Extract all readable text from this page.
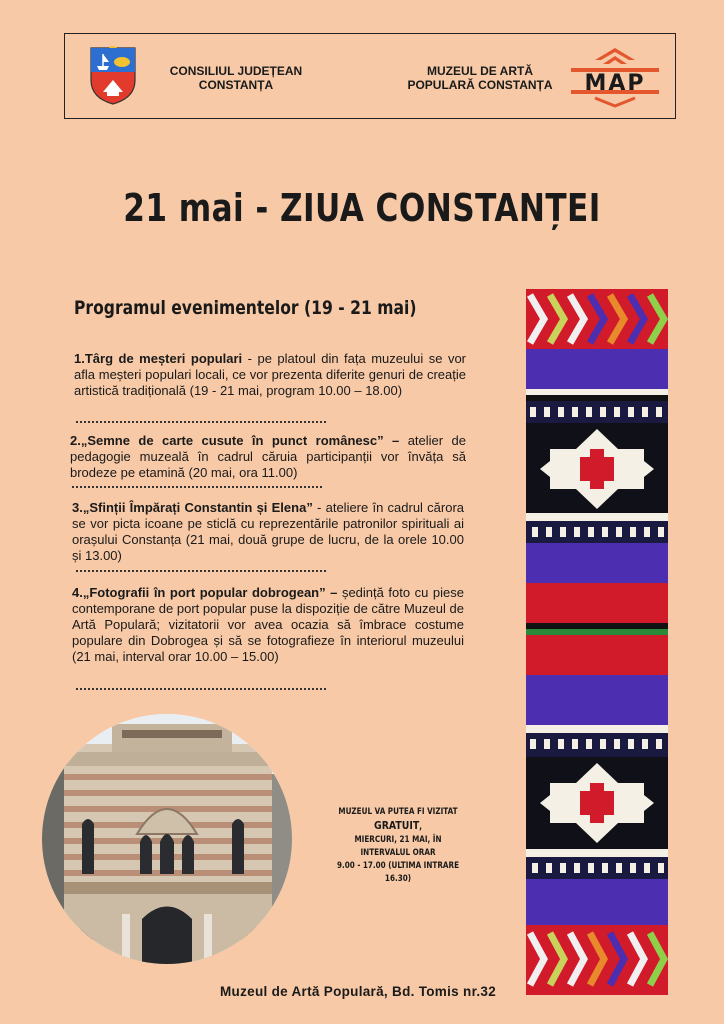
CONSILIUL JUDEȚEAN
CONSTANȚA
MUZEUL DE ARTĂ
POPULARĂ CONSTANȚA	MAP
21 mai - ZIUA CONSTANȚEI
Programul evenimentelor (19 - 21 mai)
1.Târg de meșteri populari - pe platoul din fața muzeului se vor afla meșteri populari locali, ce vor prezenta diferite genuri de creație artistică tradițională (19 - 21 mai, program 10.00 – 18.00)
2.„Semne de carte cusute în punct românesc” – atelier de pedagogie muzeală în cadrul căruia participanții vor învăța să brodeze pe etamină (20 mai, ora 11.00)
3.„Sfinții Împărați Constantin și Elena” - ateliere în cadrul cărora se vor picta icoane pe sticlă cu reprezentările patronilor spirituali ai orașului Constanța (21 mai, două grupe de lucru, de la orele 10.00 și 13.00)
4.„Fotografii în port popular dobrogean” – ședință foto cu piese contemporane de port popular puse la dispoziție de către Muzeul de Artă Populară; vizitatorii vor avea ocazia să îmbrace costume populare din Dobrogea și să se fotografieze în interiorul muzeului (21 mai, interval orar 10.00 – 15.00)
MUZEUL VA PUTEA FI VIZITAT GRATUIT,
MIERCURI, 21 MAI, ÎN INTERVALUL ORAR
9.00 - 17.00 (ULTIMA INTRARE 16.30)
Muzeul de Artă Populară, Bd. Tomis nr.32
